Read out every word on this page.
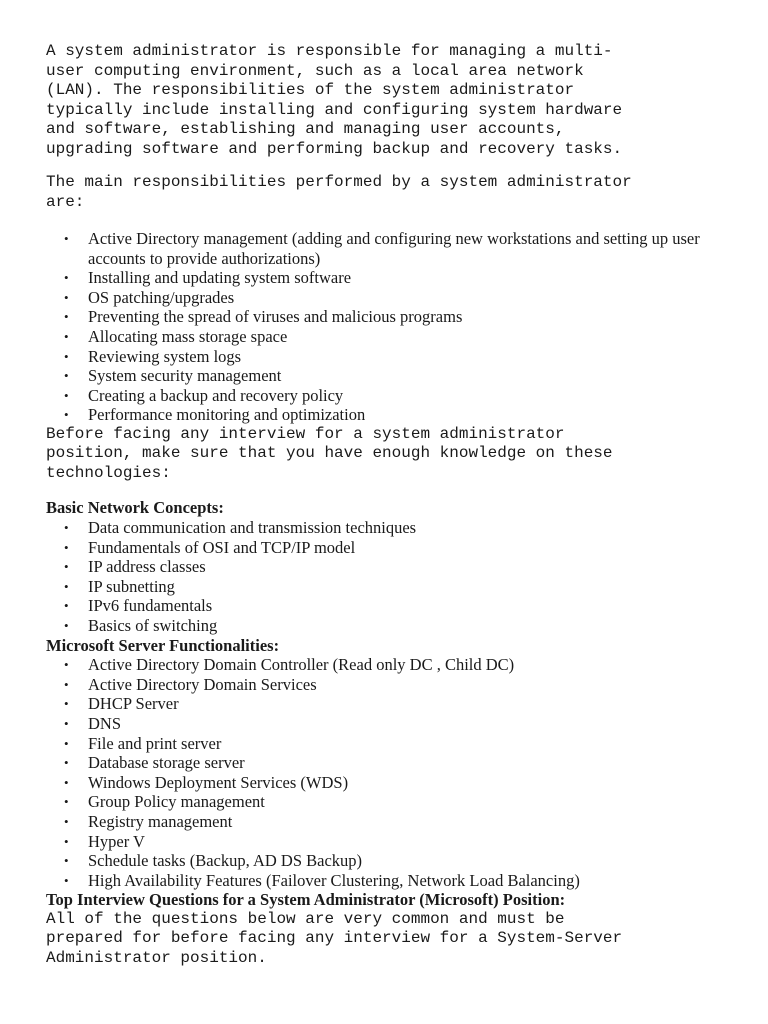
A system administrator is responsible for managing a multi-
user computing environment, such as a local area network
(LAN). The responsibilities of the system administrator
typically include installing and configuring system hardware
and software, establishing and managing user accounts,
upgrading software and performing backup and recovery tasks.

The main responsibilities performed by a system administrator
are:

• Active Directory management (adding and configuring new workstations and setting up user accounts to provide authorizations)
• Installing and updating system software
• OS patching/upgrades
• Preventing the spread of viruses and malicious programs
• Allocating mass storage space
• Reviewing system logs
• System security management
• Creating a backup and recovery policy
• Performance monitoring and optimization

Before facing any interview for a system administrator
position, make sure that you have enough knowledge on these
technologies:

Basic Network Concepts:

• Data communication and transmission techniques
• Fundamentals of OSI and TCP/IP model
• IP address classes
• IP subnetting
• IPv6 fundamentals
• Basics of switching

Microsoft Server Functionalities:

• Active Directory Domain Controller (Read only DC , Child DC)
• Active Directory Domain Services
• DHCP Server
• DNS
• File and print server
• Database storage server
• Windows Deployment Services (WDS)
• Group Policy management
• Registry management
• Hyper V
• Schedule tasks (Backup, AD DS Backup)
• High Availability Features (Failover Clustering, Network Load Balancing)

Top Interview Questions for a System Administrator (Microsoft) Position:

All of the questions below are very common and must be
prepared for before facing any interview for a System-Server
Administrator position.
